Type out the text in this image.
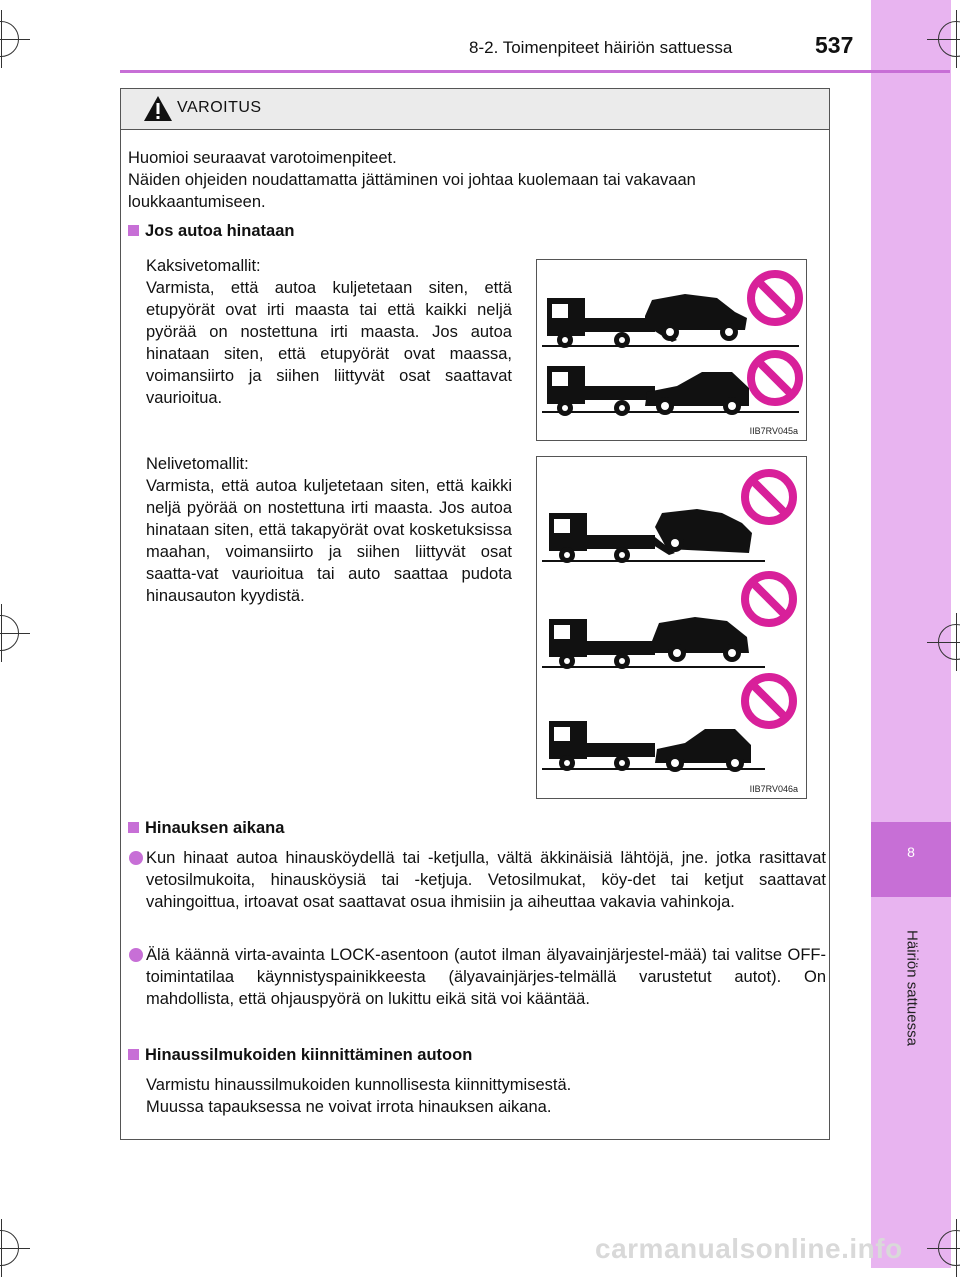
8
Häiriön sattuessa
8-2. Toimenpiteet häiriön sattuessa	537
VAROITUS
Huomioi seuraavat varotoimenpiteet.
Näiden ohjeiden noudattamatta jättäminen voi johtaa kuolemaan tai vakavaan loukkaantumiseen.
Jos autoa hinataan
Kaksivetomallit:
Varmista, että autoa kuljetetaan siten, että etupyörät ovat irti maasta tai että kaikki neljä pyörää on nostettuna irti maasta. Jos autoa hinataan siten, että etupyörät ovat maassa, voimansiirto ja siihen liittyvät osat saattavat vaurioitua.
IIB7RV045a
Nelivetomallit:
Varmista, että autoa kuljetetaan siten, että kaikki neljä pyörää on nostettuna irti maasta. Jos autoa hinataan siten, että takapyörät ovat kosketuksissa maahan, voimansiirto ja siihen liittyvät osat saatta-vat vaurioitua tai auto saattaa pudota hinausauton kyydistä.
IIB7RV046a
Hinauksen aikana
Kun hinaat autoa hinausköydellä tai -ketjulla, vältä äkkinäisiä lähtöjä, jne. jotka rasittavat vetosilmukoita, hinausköysiä tai -ketjuja. Vetosilmukat, köy-det tai ketjut saattavat vahingoittua, irtoavat osat saattavat osua ihmisiin ja aiheuttaa vakavia vahinkoja.
Älä käännä virta-avainta LOCK-asentoon (autot ilman älyavainjärjestel-mää) tai valitse OFF-toimintatilaa käynnistyspainikkeesta (älyavainjärjes-telmällä varustetut autot). On mahdollista, että ohjauspyörä on lukittu eikä sitä voi kääntää.
Hinaussilmukoiden kiinnittäminen autoon
Varmistu hinaussilmukoiden kunnollisesta kiinnittymisestä.
Muussa tapauksessa ne voivat irrota hinauksen aikana.
carmanualsonline.info
